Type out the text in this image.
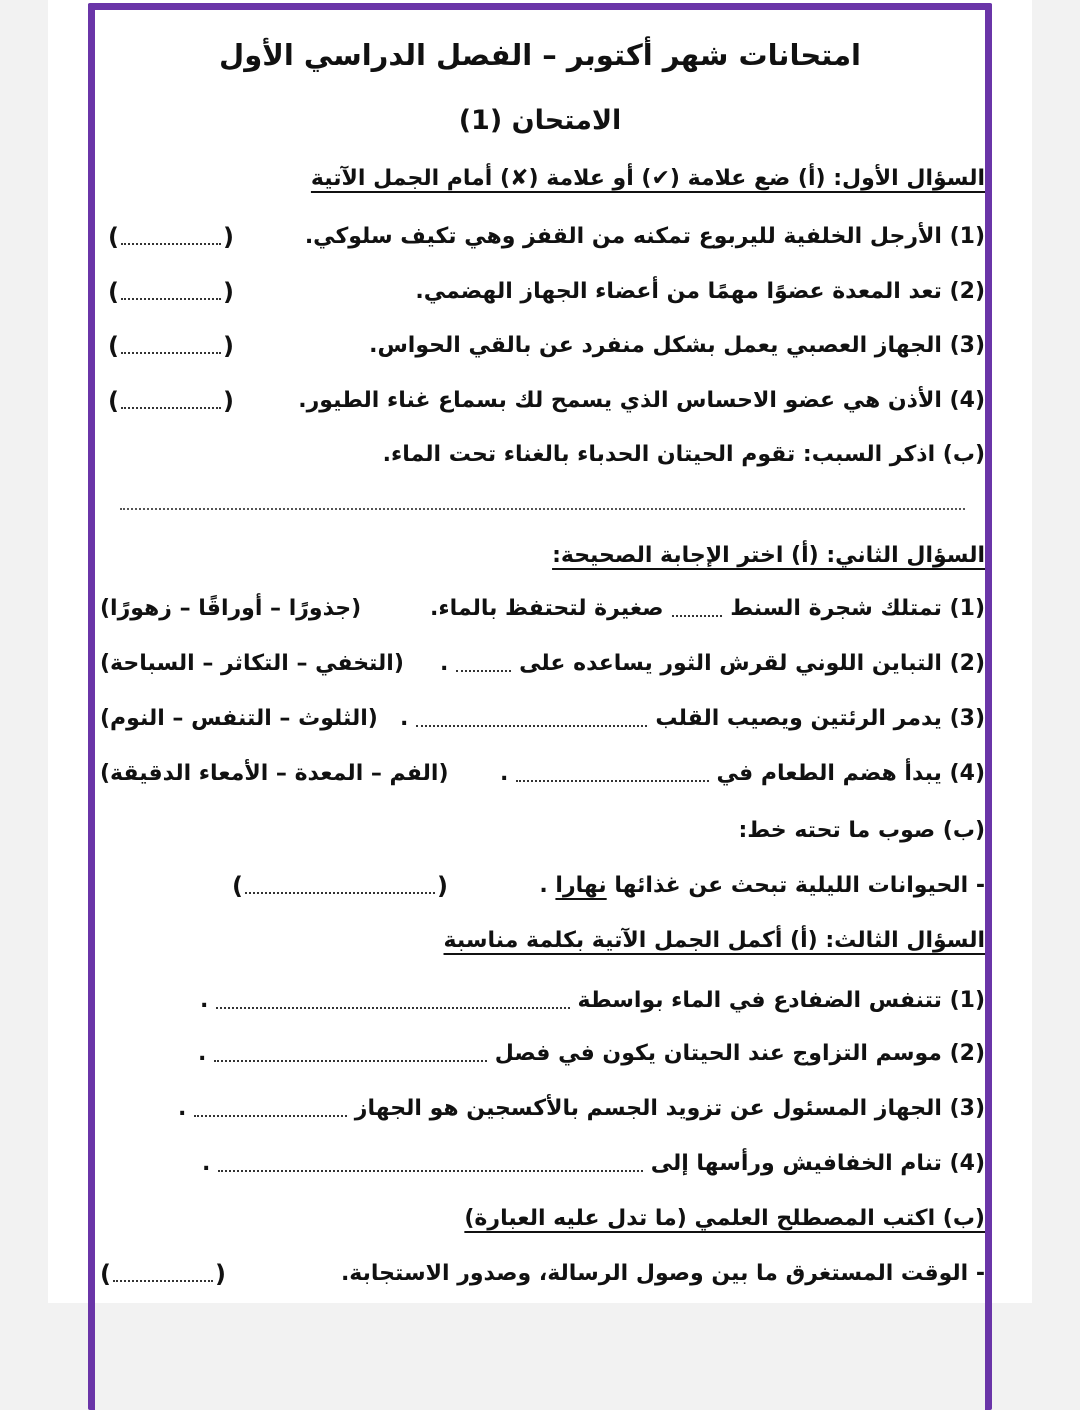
امتحانات شهر أكتوبر – الفصل الدراسي الأول
الامتحان (1)
السؤال الأول: (أ) ضع علامة (✔) أو علامة (✘) أمام الجمل الآتية
(1) الأرجل الخلفية لليربوع تمكنه من القفز وهي تكيف سلوكي.
(	)
(2) تعد المعدة عضوًا مهمًا من أعضاء الجهاز الهضمي.
(	)
(3) الجهاز العصبي يعمل بشكل منفرد عن بالقي الحواس.
(	)
(4) الأذن هي عضو الاحساس الذي يسمح لك بسماع غناء الطيور.
(	)
(ب) اذكر السبب: تقوم الحيتان الحدباء بالغناء تحت الماء.
السؤال الثاني: (أ) اختر الإجابة الصحيحة:
(1) تمتلك شجرة السنط
صغيرة لتحتفظ بالماء.
(جذورًا – أوراقًا – زهورًا)
(2) التباين اللوني لقرش الثور يساعده على
.
(التخفي – التكاثر – السباحة)
(3) يدمر الرئتين ويصيب القلب
.
(الثلوث – التنفس – النوم)
(4) يبدأ هضم الطعام في
.
(الفم – المعدة – الأمعاء الدقيقة)
(ب) صوب ما تحته خط:
- الحيوانات الليلية تبحث عن غذائها نهارا .
(	)
السؤال الثالث: (أ) أكمل الجمل الآتية بكلمة مناسبة
(1) تتنفس الضفادع في الماء بواسطة
.
(2) موسم التزاوج عند الحيتان يكون في فصل
.
(3) الجهاز المسئول عن تزويد الجسم بالأكسجين هو الجهاز
.
(4) تنام الخفافيش ورأسها إلى
.
(ب) اكتب المصطلح العلمي (ما تدل عليه العبارة)
- الوقت المستغرق ما بين وصول الرسالة، وصدور الاستجابة.
(	)
